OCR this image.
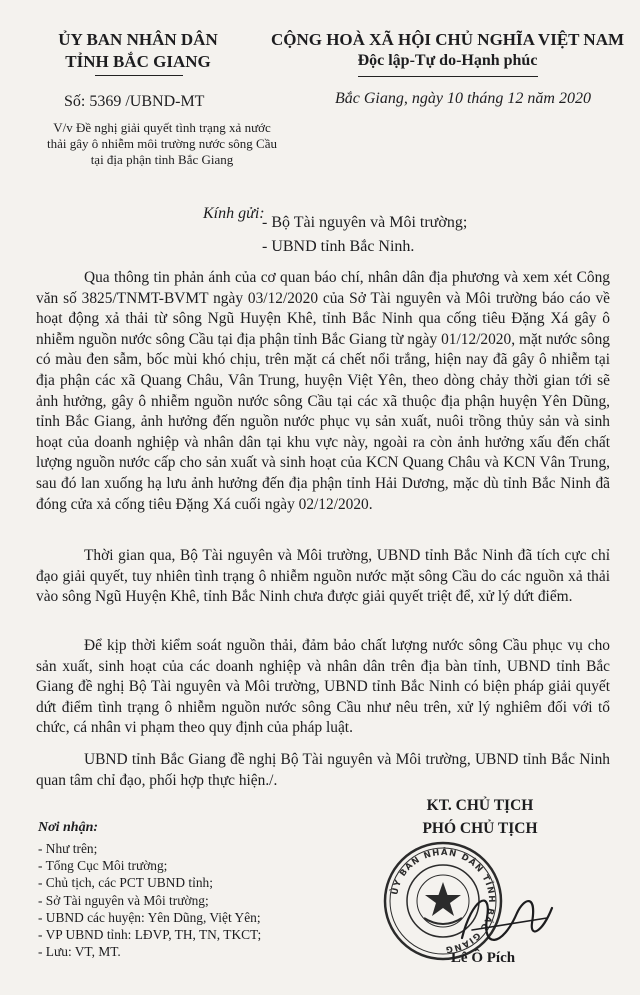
ỦY BAN NHÂN DÂN
TỈNH BẮC GIANG
CỘNG HOÀ XÃ HỘI CHỦ NGHĨA VIỆT NAM
Độc lập-Tự do-Hạnh phúc
Số: 5369 /UBND-MT	Bắc Giang, ngày 10 tháng 12 năm 2020
V/v Đề nghị giải quyết tình trạng xả nước thải gây ô nhiễm môi trường nước sông Cầu tại địa phận tỉnh Bắc Giang
Kính gửi:
- Bộ Tài nguyên và Môi trường;
- UBND tỉnh Bắc Ninh.

Qua thông tin phản ánh của cơ quan báo chí, nhân dân địa phương và xem xét Công văn số 3825/TNMT-BVMT ngày 03/12/2020 của Sở Tài nguyên và Môi trường báo cáo về hoạt động xả thải từ sông Ngũ Huyện Khê, tỉnh Bắc Ninh qua cống tiêu Đặng Xá gây ô nhiễm nguồn nước sông Cầu tại địa phận tỉnh Bắc Giang từ ngày 01/12/2020, mặt nước sông có màu đen sẫm, bốc mùi khó chịu, trên mặt cá chết nổi trắng, hiện nay đã gây ô nhiễm tại địa phận các xã Quang Châu, Vân Trung, huyện Việt Yên, theo dòng chảy thời gian tới sẽ ảnh hưởng, gây ô nhiễm nguồn nước sông Cầu tại các xã thuộc địa phận huyện Yên Dũng, tỉnh Bắc Giang, ảnh hưởng đến nguồn nước phục vụ sản xuất, nuôi trồng thủy sản và sinh hoạt của doanh nghiệp và nhân dân tại khu vực này, ngoài ra còn ảnh hưởng xấu đến chất lượng nguồn nước cấp cho sản xuất và sinh hoạt của KCN Quang Châu và KCN Vân Trung, sau đó lan xuống hạ lưu ảnh hưởng đến địa phận tỉnh Hải Dương, mặc dù tỉnh Bắc Ninh đã đóng cửa xả cống tiêu Đặng Xá cuối ngày 02/12/2020.

Thời gian qua, Bộ Tài nguyên và Môi trường, UBND tỉnh Bắc Ninh đã tích cực chỉ đạo giải quyết, tuy nhiên tình trạng ô nhiễm nguồn nước mặt sông Cầu do các nguồn xả thải vào sông Ngũ Huyện Khê, tỉnh Bắc Ninh chưa được giải quyết triệt để, xử lý dứt điểm.

Để kịp thời kiểm soát nguồn thải, đảm bảo chất lượng nước sông Cầu phục vụ cho sản xuất, sinh hoạt của các doanh nghiệp và nhân dân trên địa bàn tỉnh, UBND tỉnh Bắc Giang đề nghị Bộ Tài nguyên và Môi trường, UBND tỉnh Bắc Ninh có biện pháp giải quyết dứt điểm tình trạng ô nhiễm nguồn nước sông Cầu như nêu trên, xử lý nghiêm đối với tổ chức, cá nhân vi phạm theo quy định của pháp luật.

UBND tỉnh Bắc Giang đề nghị Bộ Tài nguyên và Môi trường, UBND tỉnh Bắc Ninh quan tâm chỉ đạo, phối hợp thực hiện./.

Nơi nhận:
- Như trên;
- Tổng Cục Môi trường;
- Chủ tịch, các PCT UBND tỉnh;
- Sở Tài nguyên và Môi trường;
- UBND các huyện: Yên Dũng, Việt Yên;
- VP UBND tỉnh: LĐVP, TH, TN, TKCT;
- Lưu: VT, MT.
KT. CHỦ TỊCH
PHÓ CHỦ TỊCH
ỦY BAN NHÂN DÂN TỈNH BẮC GIANG
Lê Ô Pích
